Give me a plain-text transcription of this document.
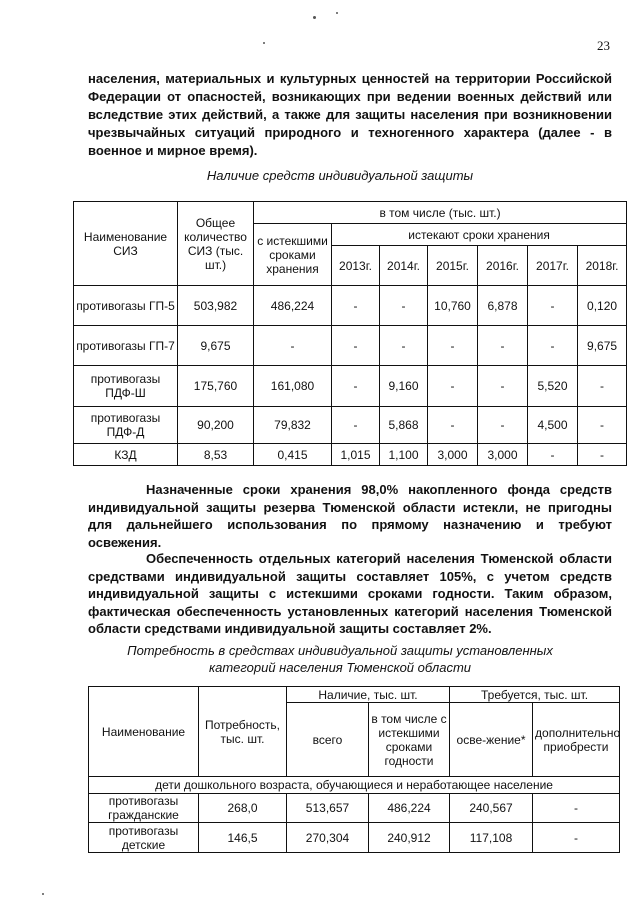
23

населения, материальных и культурных ценностей на территории Российской Федерации от опасностей, возникающих при ведении военных действий или вследствие этих действий, а также для защиты населения при возникновении чрезвычайных ситуаций природного и техногенного характера (далее - в военное и мирное время).

Наличие средств индивидуальной защиты

Наименование СИЗ	Общее количество СИЗ (тыс. шт.)	в том числе (тыс. шт.)						
		с истекшими сроками хранения	истекают сроки хранения					
			2013г.	2014г.	2015г.	2016г.	2017г.	2018г.
противогазы ГП-5	503,982	486,224	-	-	10,760	6,878	-	0,120
противогазы ГП-7	9,675	-	-	-	-	-	-	9,675
противогазы ПДФ-Ш	175,760	161,080	-	9,160	-	-	5,520	-
противогазы ПДФ-Д	90,200	79,832	-	5,868	-	-	4,500	-
КЗД	8,53	0,415	1,015	1,100	3,000	3,000	-	-

Назначенные сроки хранения 98,0% накопленного фонда средств индивидуальной защиты резерва Тюменской области истекли, не пригодны для дальнейшего использования по прямому назначению и требуют освежения.

Обеспеченность отдельных категорий населения Тюменской области средствами индивидуальной защиты составляет 105%, с учетом средств индивидуальной защиты с истекшими сроками годности. Таким образом, фактическая обеспеченность установленных категорий населения Тюменской области средствами индивидуальной защиты составляет 2%.

Потребность в средствах индивидуальной защиты установленных

категорий населения Тюменской области

Наименование	Потребность, тыс. шт.	Наличие, тыс. шт.		Требуется, тыс. шт.	
		всего	в том числе с истекшими сроками годности	осве-жение*	дополнительно приобрести
дети дошкольного возраста, обучающиеся и неработающее население					
противогазы гражданские	268,0	513,657	486,224	240,567	-
противогазы детские	146,5	270,304	240,912	117,108	-
